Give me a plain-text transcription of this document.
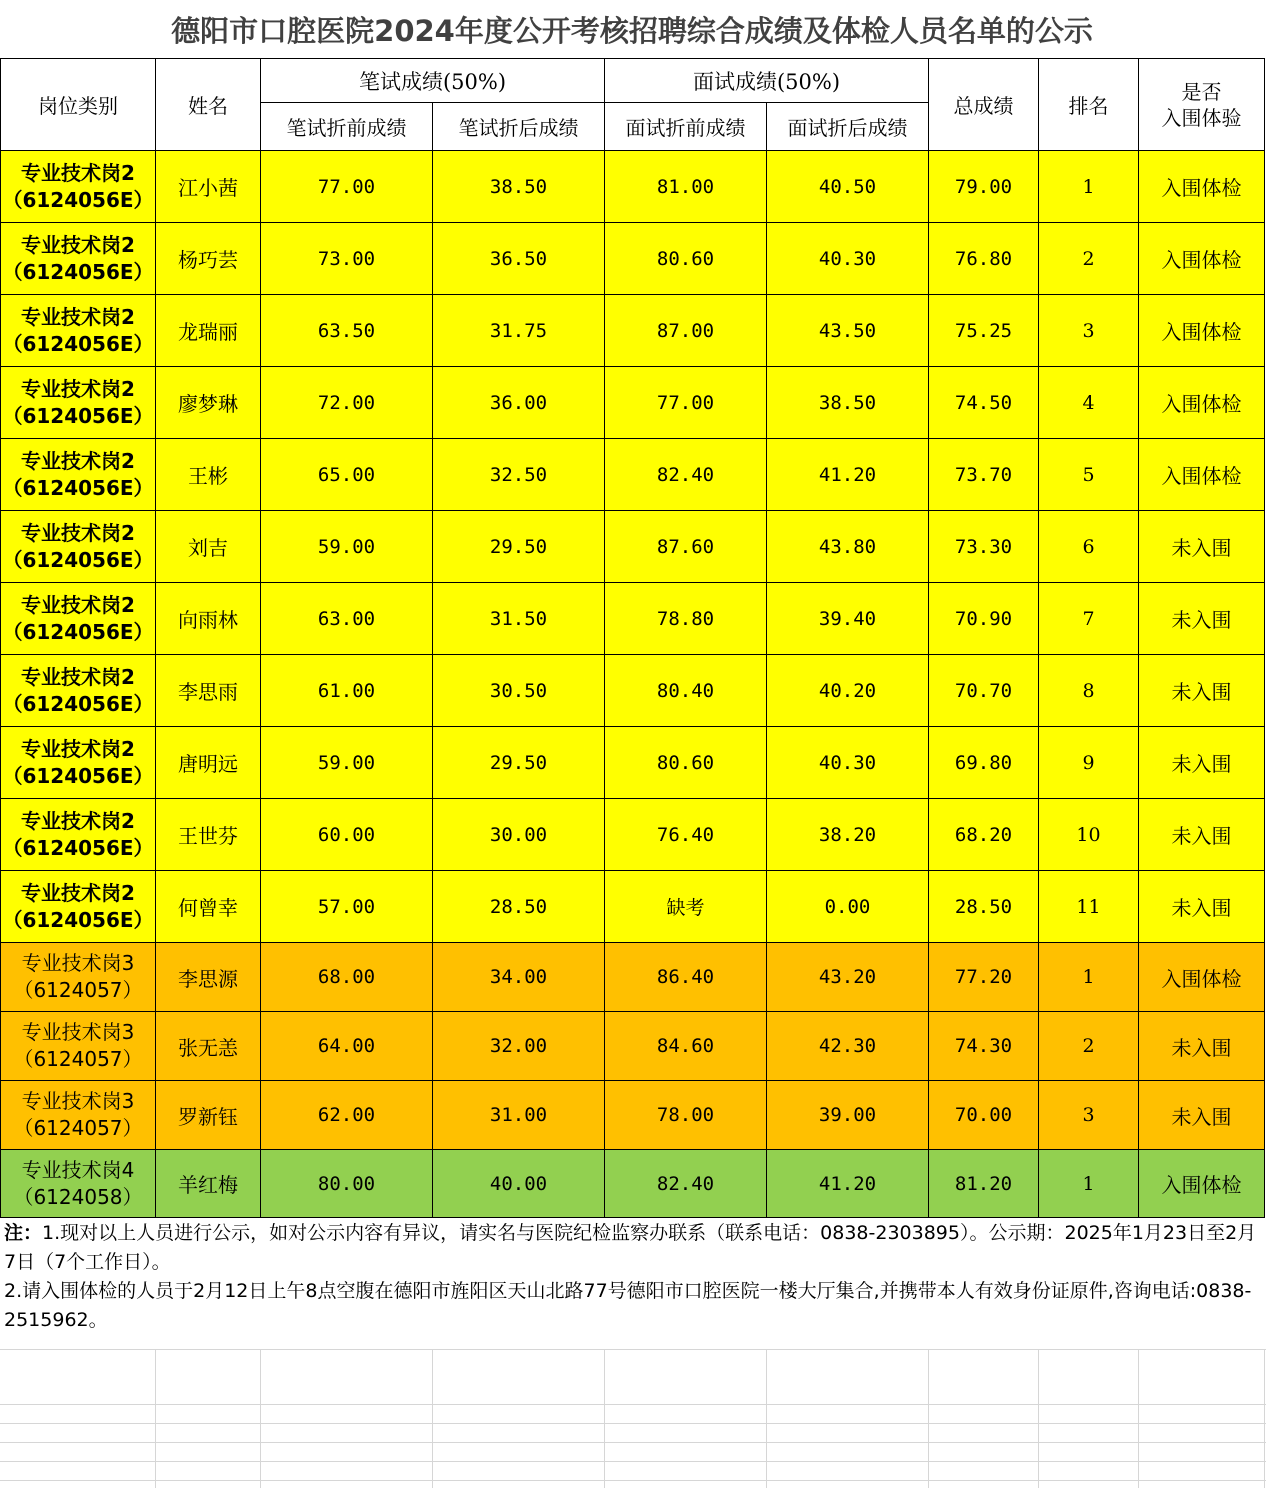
德阳市口腔医院2024年度公开考核招聘综合成绩及体检人员名单的公示
岗位类别	姓名	笔试成绩(50%)		面试成绩(50%)		总成绩	排名	是否
入围体验
		笔试折前成绩	笔试折后成绩	面试折前成绩	面试折后成绩			

专业技术岗2
（6124056E）	江小茜	77.00	38.50	81.00	40.50	79.00	1	入围体检

专业技术岗2
（6124056E）	杨巧芸	73.00	36.50	80.60	40.30	76.80	2	入围体检

专业技术岗2
（6124056E）	龙瑞丽	63.50	31.75	87.00	43.50	75.25	3	入围体检

专业技术岗2
（6124056E）	廖梦琳	72.00	36.00	77.00	38.50	74.50	4	入围体检

专业技术岗2
（6124056E）	王彬	65.00	32.50	82.40	41.20	73.70	5	入围体检

专业技术岗2
（6124056E）	刘吉	59.00	29.50	87.60	43.80	73.30	6	未入围

专业技术岗2
（6124056E）	向雨林	63.00	31.50	78.80	39.40	70.90	7	未入围

专业技术岗2
（6124056E）	李思雨	61.00	30.50	80.40	40.20	70.70	8	未入围

专业技术岗2
（6124056E）	唐明远	59.00	29.50	80.60	40.30	69.80	9	未入围

专业技术岗2
（6124056E）	王世芬	60.00	30.00	76.40	38.20	68.20	10	未入围

专业技术岗2
（6124056E）	何曾幸	57.00	28.50	缺考	0.00	28.50	11	未入围

专业技术岗3
（6124057）	李思源	68.00	34.00	86.40	43.20	77.20	1	入围体检

专业技术岗3
（6124057）	张无恙	64.00	32.00	84.60	42.30	74.30	2	未入围

专业技术岗3
（6124057）	罗新钰	62.00	31.00	78.00	39.00	70.00	3	未入围

专业技术岗4
（6124058）	羊红梅	80.00	40.00	82.40	41.20	81.20	1	入围体检
注：1.现对以上人员进行公示，如对公示内容有异议，请实名与医院纪检监察办联系（联系电话：0838-2303895）。公示期：2025年1月23日至2月7日（7个工作日）。
2.请入围体检的人员于2月12日上午8点空腹在德阳市旌阳区天山北路77号德阳市口腔医院一楼大厅集合,并携带本人有效身份证原件,咨询电话:0838-2515962。
